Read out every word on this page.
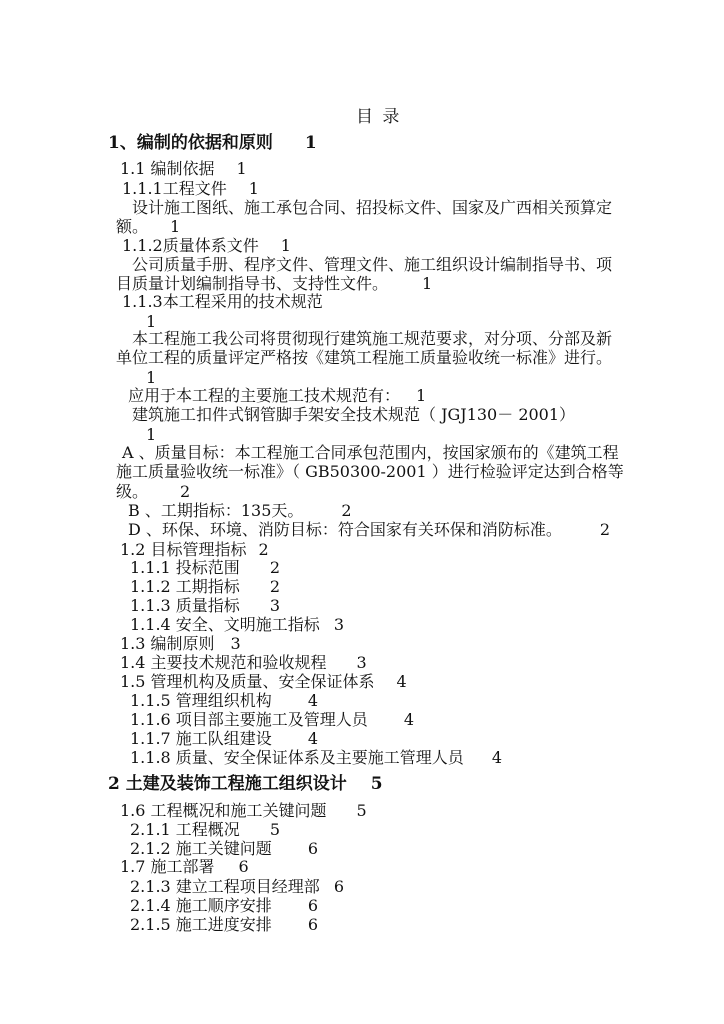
目 录
1、编制的依据和原则 1
1.1 编制依据 1
1.1.1工程文件 1
设计施工图纸、施工承包合同、招投标文件、国家及广西相关预算定
额。 1
1.1.2质量体系文件 1
公司质量手册、程序文件、管理文件、施工组织设计编制指导书、项
目质量计划编制指导书、支持性文件。 1
1.1.3本工程采用的技术规范
1
本工程施工我公司将贯彻现行建筑施工规范要求，对分项、分部及新
单位工程的质量评定严格按《建筑工程施工质量验收统一标准》进行。
1
应用于本工程的主要施工技术规范有： 1
建筑施工扣件式钢管脚手架安全技术规范（ JGJ130－ 2001）
1
A 、质量目标：本工程施工合同承包范围内，按国家颁布的《建筑工程
施工质量验收统一标准》（ GB50300-2001 ）进行检验评定达到合格等
级。 2
B 、工期指标：135天。 2
D 、环保、环境、消防目标：符合国家有关环保和消防标准。 2
1.2 目标管理指标 2
1.1.1 投标范围 2
1.1.2 工期指标 2
1.1.3 质量指标 3
1.1.4 安全、文明施工指标 3
1.3 编制原则 3
1.4 主要技术规范和验收规程 3
1.5 管理机构及质量、安全保证体系 4
1.1.5 管理组织机构 4
1.1.6 项目部主要施工及管理人员 4
1.1.7 施工队组建设 4
1.1.8 质量、安全保证体系及主要施工管理人员 4
2 土建及装饰工程施工组织设计 5
1.6 工程概况和施工关键问题 5
2.1.1 工程概况 5
2.1.2 施工关键问题 6
1.7 施工部署 6
2.1.3 建立工程项目经理部 6
2.1.4 施工顺序安排 6
2.1.5 施工进度安排 6
